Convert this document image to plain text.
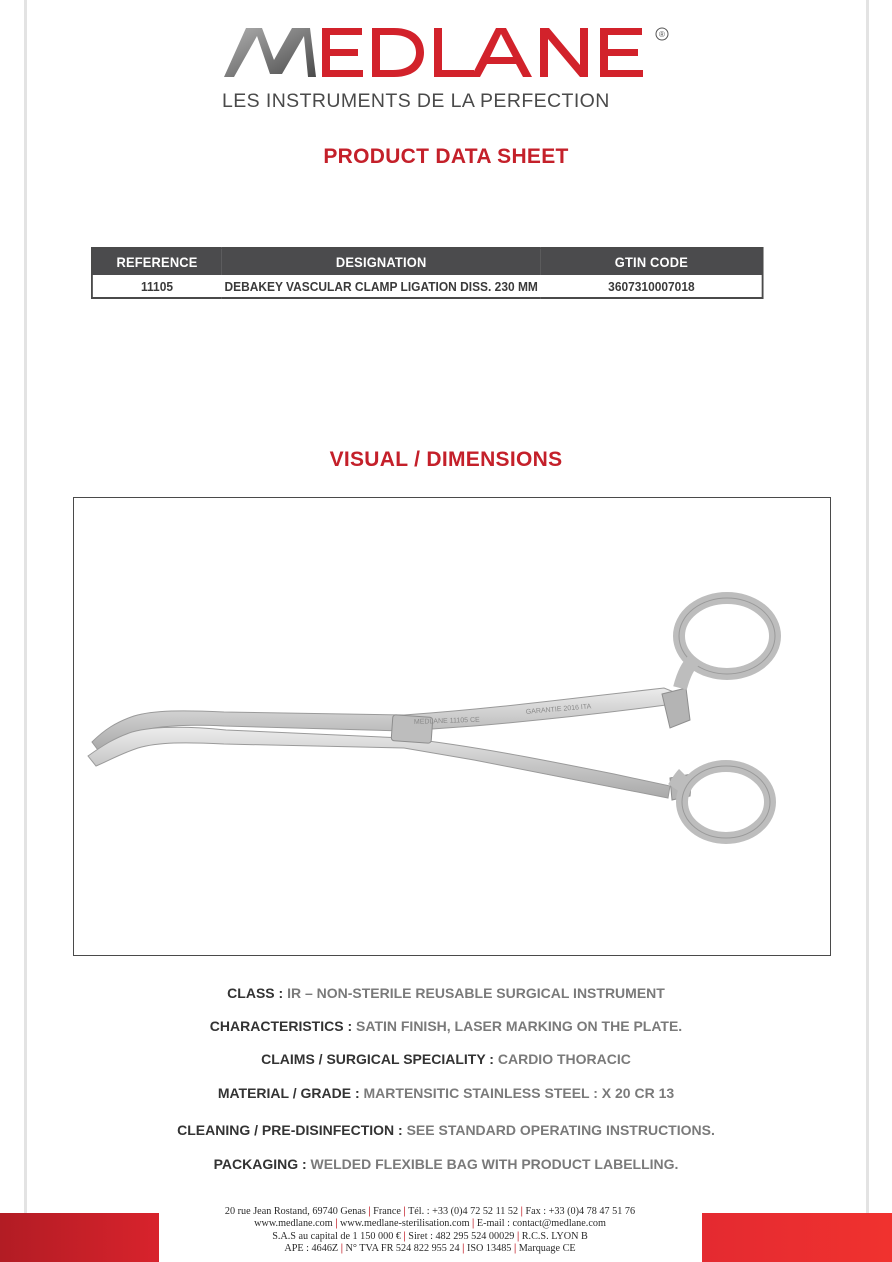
®
LES INSTRUMENTS DE LA PERFECTION
PRODUCT DATA SHEET
REFERENCE	DESIGNATION	GTIN CODE
11105	DEBAKEY VASCULAR CLAMP LIGATION DISS. 230 MM	3607310007018
VISUAL / DIMENSIONS
MEDLANE 11105 CE
GARANTIE 2016 ITA
CLASS : IR – NON-STERILE REUSABLE SURGICAL INSTRUMENT
CHARACTERISTICS : SATIN FINISH, LASER MARKING ON THE PLATE.
CLAIMS / SURGICAL SPECIALITY : CARDIO THORACIC
MATERIAL / GRADE : MARTENSITIC STAINLESS STEEL : X 20 CR 13
CLEANING / PRE-DISINFECTION : SEE STANDARD OPERATING INSTRUCTIONS.
PACKAGING : WELDED FLEXIBLE BAG WITH PRODUCT LABELLING.
20 rue Jean Rostand, 69740 Genas | France | Tél. : +33 (0)4 72 52 11 52 | Fax : +33 (0)4 78 47 51 76
www.medlane.com | www.medlane-sterilisation.com | E-mail : contact@medlane.com
S.A.S au capital de 1 150 000 € | Siret : 482 295 524 00029 | R.C.S. LYON B
APE : 4646Z | N° TVA FR 524 822 955 24 | ISO 13485 | Marquage CE
